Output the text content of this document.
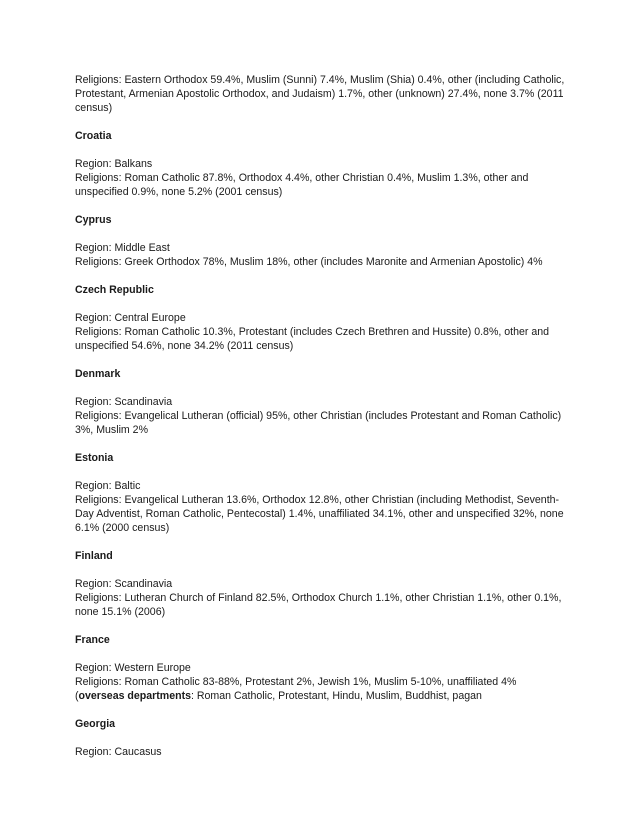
Religions: Eastern Orthodox 59.4%, Muslim (Sunni) 7.4%, Muslim (Shia) 0.4%, other (including Catholic, Protestant, Armenian Apostolic Orthodox, and Judaism) 1.7%, other (unknown) 27.4%, none 3.7% (2011 census)

Croatia

Region: Balkans

Religions: Roman Catholic 87.8%, Orthodox 4.4%, other Christian 0.4%, Muslim 1.3%, other and unspecified 0.9%, none 5.2% (2001 census)

Cyprus

Region: Middle East

Religions: Greek Orthodox 78%, Muslim 18%, other (includes Maronite and Armenian Apostolic) 4%

Czech Republic

Region: Central Europe

Religions: Roman Catholic 10.3%, Protestant (includes Czech Brethren and Hussite) 0.8%, other and unspecified 54.6%, none 34.2% (2011 census)

Denmark

Region: Scandinavia

Religions: Evangelical Lutheran (official) 95%, other Christian (includes Protestant and Roman Catholic) 3%, Muslim 2%

Estonia

Region: Baltic

Religions: Evangelical Lutheran 13.6%, Orthodox 12.8%, other Christian (including Methodist, Seventh-Day Adventist, Roman Catholic, Pentecostal) 1.4%, unaffiliated 34.1%, other and unspecified 32%, none 6.1% (2000 census)

Finland

Region: Scandinavia

Religions: Lutheran Church of Finland 82.5%, Orthodox Church 1.1%, other Christian 1.1%, other 0.1%, none 15.1% (2006)

France

Region: Western Europe

Religions: Roman Catholic 83-88%, Protestant 2%, Jewish 1%, Muslim 5-10%, unaffiliated 4% (overseas departments: Roman Catholic, Protestant, Hindu, Muslim, Buddhist, pagan

Georgia

Region: Caucasus
